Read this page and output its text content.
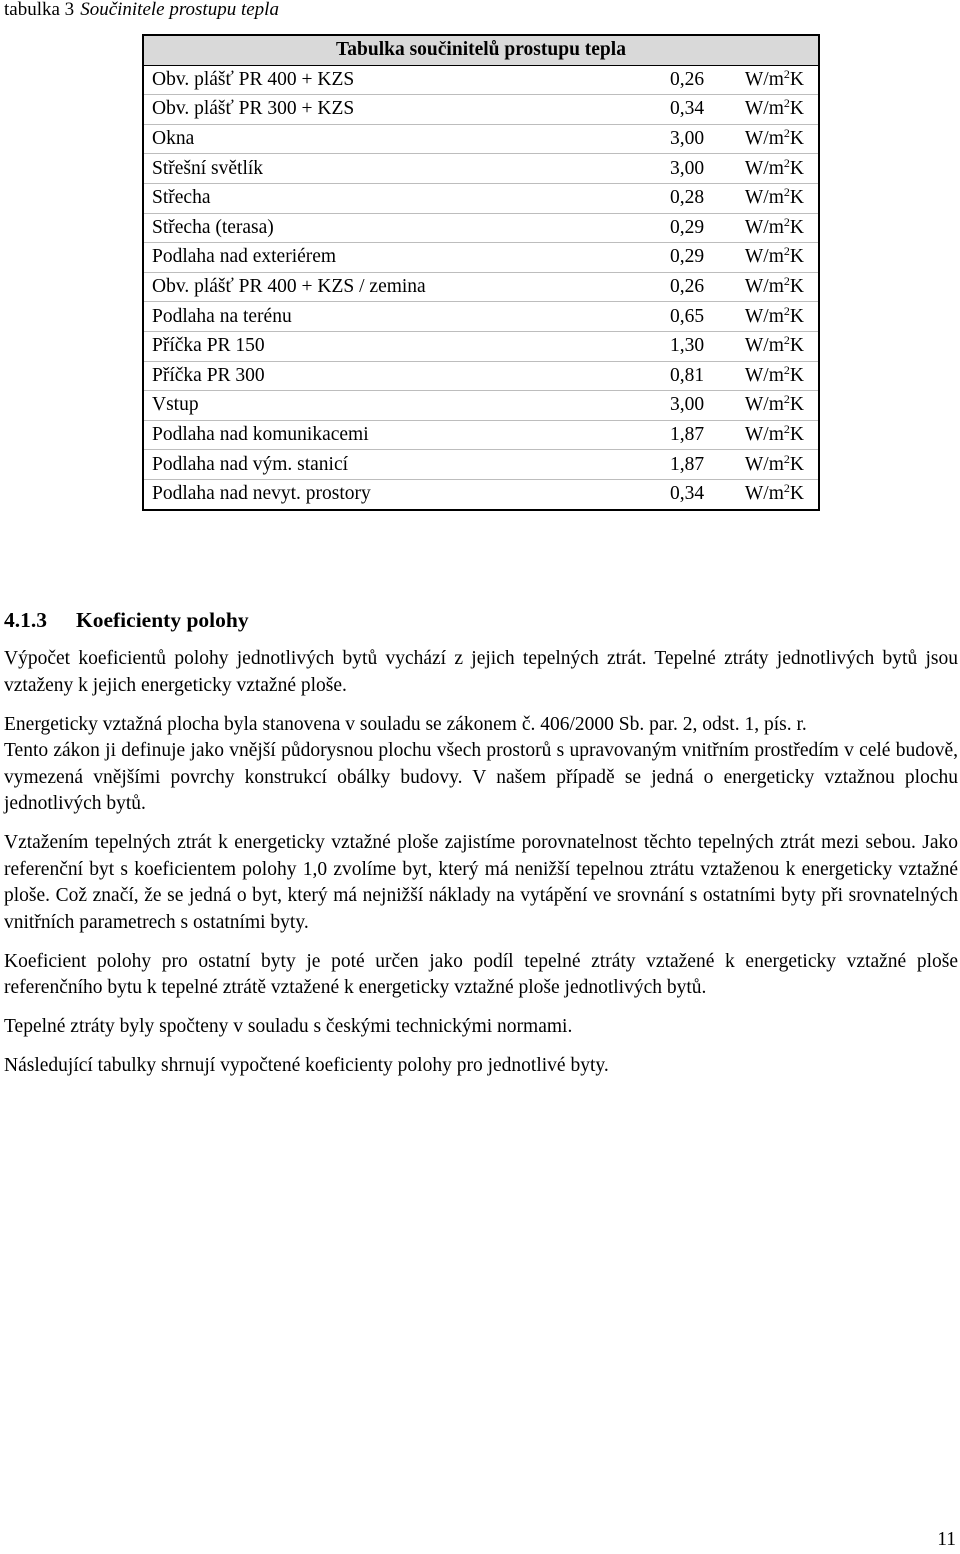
tabulka 3 Součinitele prostupu tepla
Tabulka součinitelů prostupu tepla		
Obv. plášť PR 400 + KZS	0,26	$W/m^2K$
Obv. plášť PR 300 + KZS	0,34	$W/m^2K$
Okna	3,00	$W/m^2K$
Střešní světlík	3,00	$W/m^2K$
Střecha	0,28	$W/m^2K$
Střecha (terasa)	0,29	$W/m^2K$
Podlaha nad exteriérem	0,29	$W/m^2K$
Obv. plášť PR 400 + KZS / zemina	0,26	$W/m^2K$
Podlaha na terénu	0,65	$W/m^2K$
Příčka PR 150	1,30	$W/m^2K$
Příčka PR 300	0,81	$W/m^2K$
Vstup	3,00	$W/m^2K$
Podlaha nad komunikacemi	1,87	$W/m^2K$
Podlaha nad vým. stanicí	1,87	$W/m^2K$
Podlaha nad nevyt. prostory	0,34	$W/m^2K$
4.1.3 Koeficienty polohy

Výpočet koeficientů polohy jednotlivých bytů vychází z jejich tepelných ztrát. Tepelné ztráty jednotlivých bytů jsou vztaženy k jejich energeticky vztažné ploše.

Energeticky vztažná plocha byla stanovena v souladu se zákonem č. 406/2000 Sb. par. 2, odst. 1, pís. r.

Tento zákon ji definuje jako vnější půdorysnou plochu všech prostorů s upravovaným vnitřním prostředím v celé budově, vymezená vnějšími povrchy konstrukcí obálky budovy. V našem případě se jedná o energeticky vztažnou plochu jednotlivých bytů.

Vztažením tepelných ztrát k energeticky vztažné ploše zajistíme porovnatelnost těchto tepelných ztrát mezi sebou. Jako referenční byt s koeficientem polohy 1,0 zvolíme byt, který má nenižší tepelnou ztrátu vztaženou k energeticky vztažné ploše. Což značí, že se jedná o byt, který má nejnižší náklady na vytápění ve srovnání s ostatními byty při srovnatelných vnitřních parametrech s ostatními byty.

Koeficient polohy pro ostatní byty je poté určen jako podíl tepelné ztráty vztažené k energeticky vztažné ploše referenčního bytu k tepelné ztrátě vztažené k energeticky vztažné ploše jednotlivých bytů.

Tepelné ztráty byly spočteny v souladu s českými technickými normami.

Následující tabulky shrnují vypočtené koeficienty polohy pro jednotlivé byty.

11
